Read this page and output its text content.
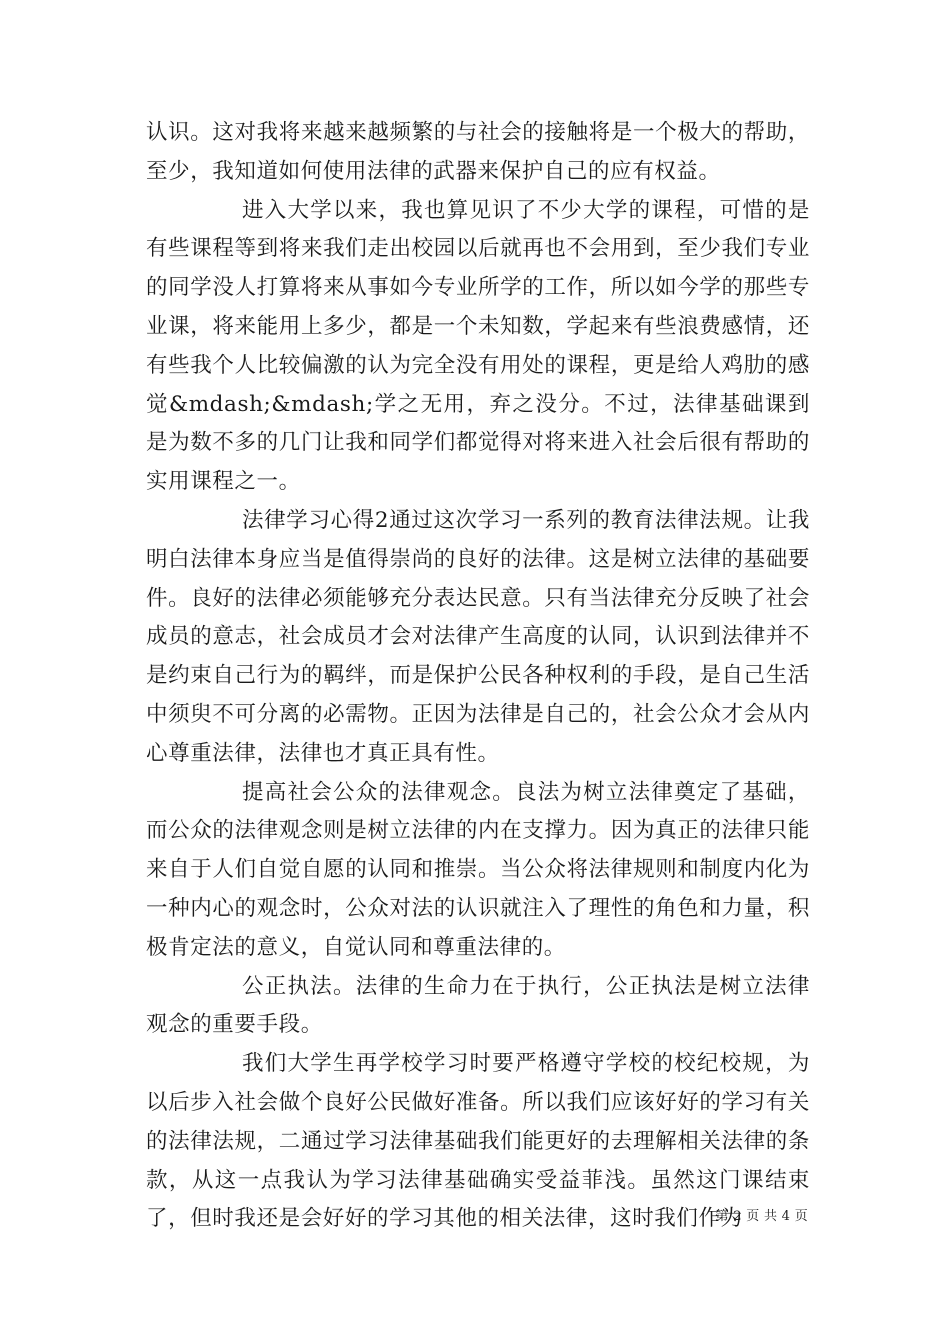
认识。这对我将来越来越频繁的与社会的接触将是一个极大的帮助，至少，我知道如何使用法律的武器来保护自己的应有权益。

进入大学以来，我也算见识了不少大学的课程，可惜的是有些课程等到将来我们走出校园以后就再也不会用到，至少我们专业的同学没人打算将来从事如今专业所学的工作，所以如今学的那些专业课，将来能用上多少，都是一个未知数，学起来有些浪费感情，还有些我个人比较偏激的认为完全没有用处的课程，更是给人鸡肋的感觉&mdash;&mdash;学之无用，弃之没分。不过，法律基础课到是为数不多的几门让我和同学们都觉得对将来进入社会后很有帮助的实用课程之一。

法律学习心得2通过这次学习一系列的教育法律法规。让我明白法律本身应当是值得崇尚的良好的法律。这是树立法律的基础要件。良好的法律必须能够充分表达民意。只有当法律充分反映了社会成员的意志，社会成员才会对法律产生高度的认同，认识到法律并不是约束自己行为的羁绊，而是保护公民各种权利的手段，是自己生活中须臾不可分离的必需物。正因为法律是自己的，社会公众才会从内心尊重法律，法律也才真正具有性。

提高社会公众的法律观念。良法为树立法律奠定了基础，而公众的法律观念则是树立法律的内在支撑力。因为真正的法律只能来自于人们自觉自愿的认同和推崇。当公众将法律规则和制度内化为一种内心的观念时，公众对法的认识就注入了理性的角色和力量，积极肯定法的意义，自觉认同和尊重法律的。

公正执法。法律的生命力在于执行，公正执法是树立法律观念的重要手段。

我们大学生再学校学习时要严格遵守学校的校纪校规，为以后步入社会做个良好公民做好准备。所以我们应该好好的学习有关的法律法规，二通过学习法律基础我们能更好的去理解相关法律的条款，从这一点我认为学习法律基础确实受益菲浅。虽然这门课结束了，但时我还是会好好的学习其他的相关法律，这时我们作为

第 2 页 共 4 页
